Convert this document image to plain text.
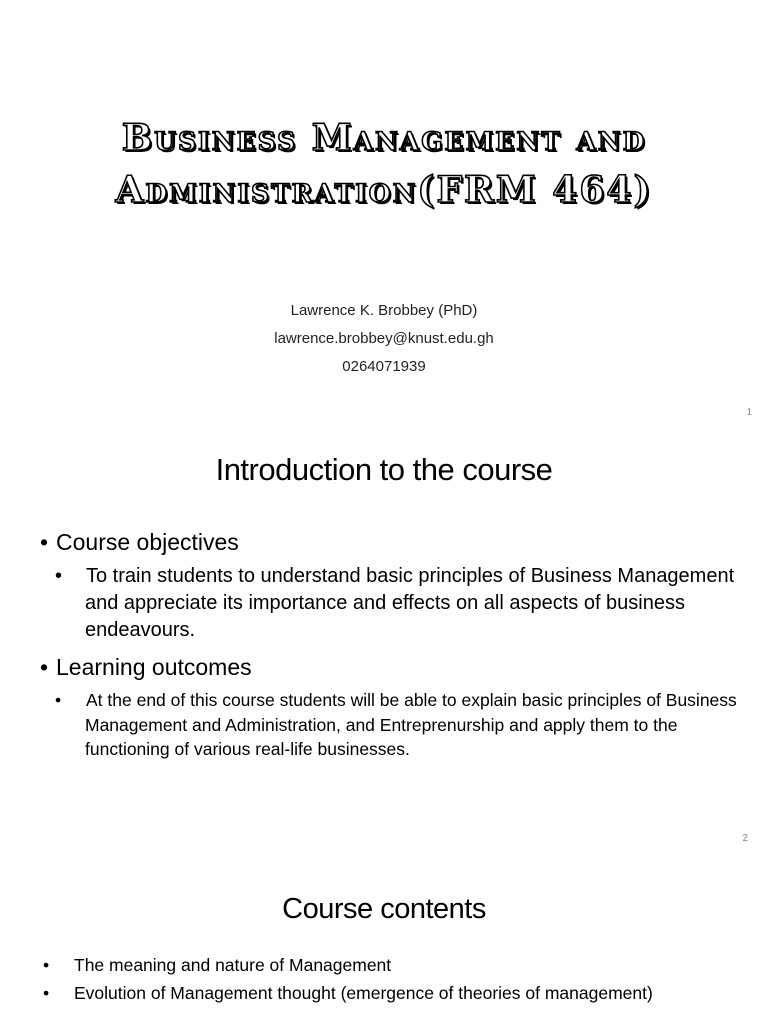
Business Management and
Administration(FRM 464)
Lawrence K. Brobbey (PhD)
lawrence.brobbey@knust.edu.gh
0264071939
1
Introduction to the course
• Course objectives
• To train students to understand basic principles of Business Management and appreciate its importance and effects on all aspects of business endeavours.
• Learning outcomes
• At the end of this course students will be able to explain basic principles of Business Management and Administration, and Entreprenurship and apply them to the functioning of various real-life businesses.
2
Course contents
• The meaning and nature of Management
• Evolution of Management thought (emergence of theories of management)
